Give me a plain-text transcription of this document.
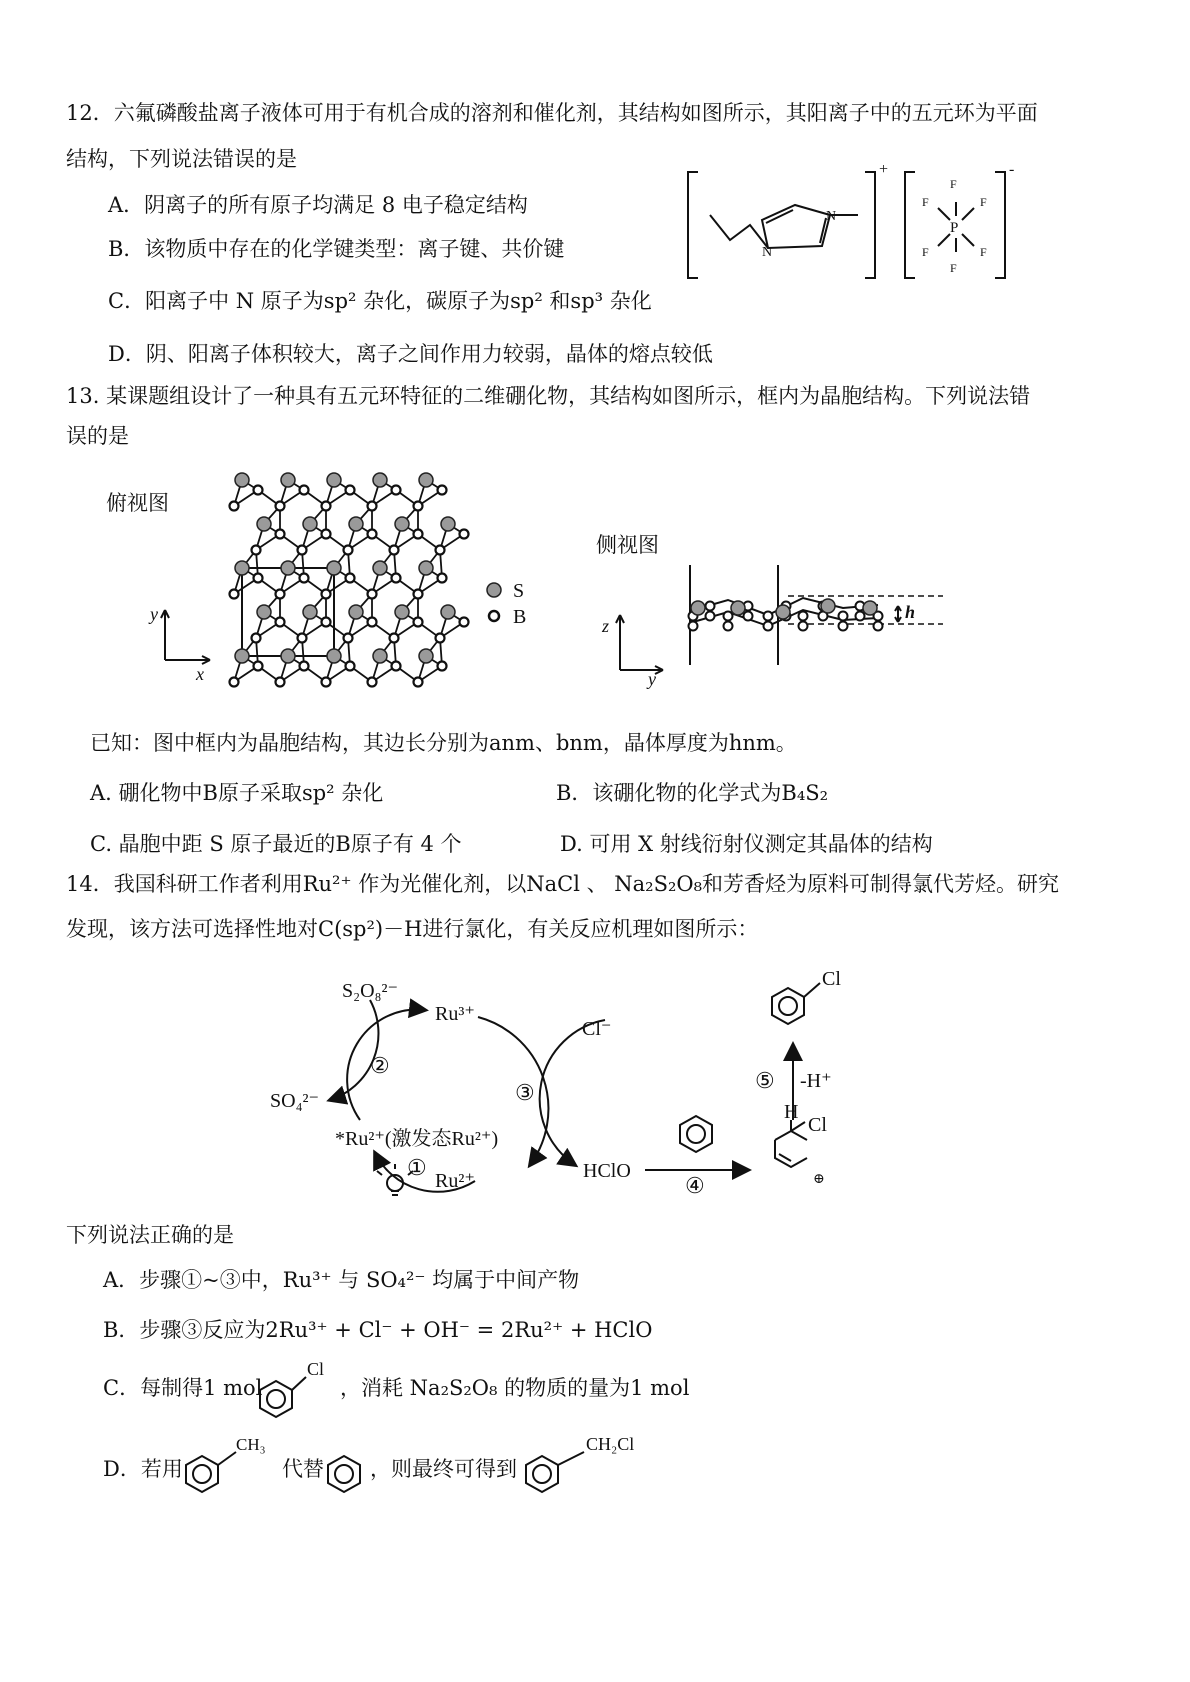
12．六氟磷酸盐离子液体可用于有机合成的溶剂和催化剂，其结构如图所示，其阳离子中的五元环为平面
结构，下列说法错误的是
A．阴离子的所有原子均满足 8 电子稳定结构
B．该物质中存在的化学键类型：离子键、共价键
C．阳离子中 N 原子为sp² 杂化，碳原子为sp² 和sp³ 杂化
D．阴、阳离子体积较大，离子之间作用力较弱，晶体的熔点较低
+	-
N
N
P
F
F
F	F
F	F
13. 某课题组设计了一种具有五元环特征的二维硼化物，其结构如图所示，框内为晶胞结构。下列说法错
误的是
俯视图
侧视图
y
x
S
B	z
y
h
已知：图中框内为晶胞结构，其边长分别为anm、bnm，晶体厚度为hnm。
A. 硼化物中B原子采取sp² 杂化	B．该硼化物的化学式为B₄S₂
C. 晶胞中距 S 原子最近的B原子有 4 个	D. 可用 X 射线衍射仪测定其晶体的结构
14．我国科研工作者利用Ru²⁺ 作为光催化剂，以NaCl 、 Na₂S₂O₈和芳香烃为原料可制得氯代芳烃。研究
发现，该方法可选择性地对C(sp²)－H进行氯化，有关反应机理如图所示：
S₂O₈²⁻
Ru³⁺
Cl⁻
SO₄²⁻
*Ru²⁺(激发态Ru²⁺)
Ru²⁺	HClO
②
③
①
④
⑤ -H⁺
Cl
H
Cl
⊕
下列说法正确的是
A．步骤①~③中，Ru³⁺ 与 SO₄²⁻ 均属于中间产物
B．步骤③反应为2Ru³⁺ + Cl⁻ + OH⁻ = 2Ru²⁺ + HClO
C．每制得1 mol
Cl
，消耗 Na₂S₂O₈ 的物质的量为1 mol
D．若用
CH₃
代替 ，则最终可得到
CH₂Cl
